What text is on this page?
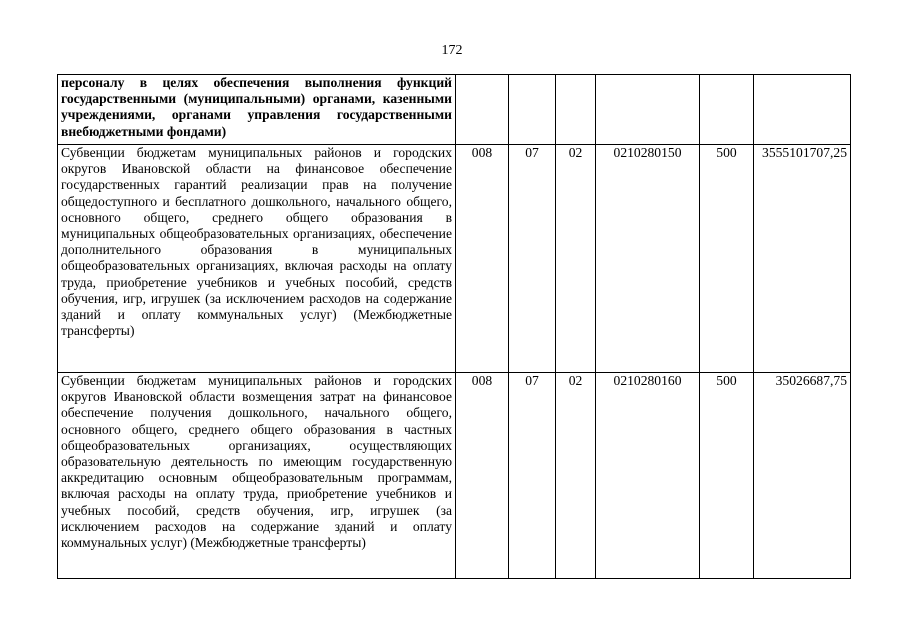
172
персоналу в целях обеспечения выполнения функций государственными (муниципальными) органами, казенными учреждениями, органами управления государственными внебюджетными фондами)						
Субвенции бюджетам муниципальных районов и городских округов Ивановской области на финансовое обеспечение государственных гарантий реализации прав на получение общедоступного и бесплатного дошкольного, начального общего, основного общего, среднего общего образования в муниципальных общеобразовательных организациях, обеспечение дополнительного образования в муниципальных общеобразовательных организациях, включая расходы на оплату труда, приобретение учебников и учебных пособий, средств обучения, игр, игрушек (за исключением расходов на содержание зданий и оплату коммунальных услуг) (Межбюджетные трансферты)	008	07	02	0210280150	500	3555101707,25
Субвенции бюджетам муниципальных районов и городских округов Ивановской области возмещения затрат на финансовое обеспечение получения дошкольного, начального общего, основного общего, среднего общего образования в частных общеобразовательных организациях, осуществляющих образовательную деятельность по имеющим государственную аккредитацию основным общеобразовательным программам, включая расходы на оплату труда, приобретение учебников и учебных пособий, средств обучения, игр, игрушек (за исключением расходов на содержание зданий и оплату коммунальных услуг) (Межбюджетные трансферты)	008	07	02	0210280160	500	35026687,75
